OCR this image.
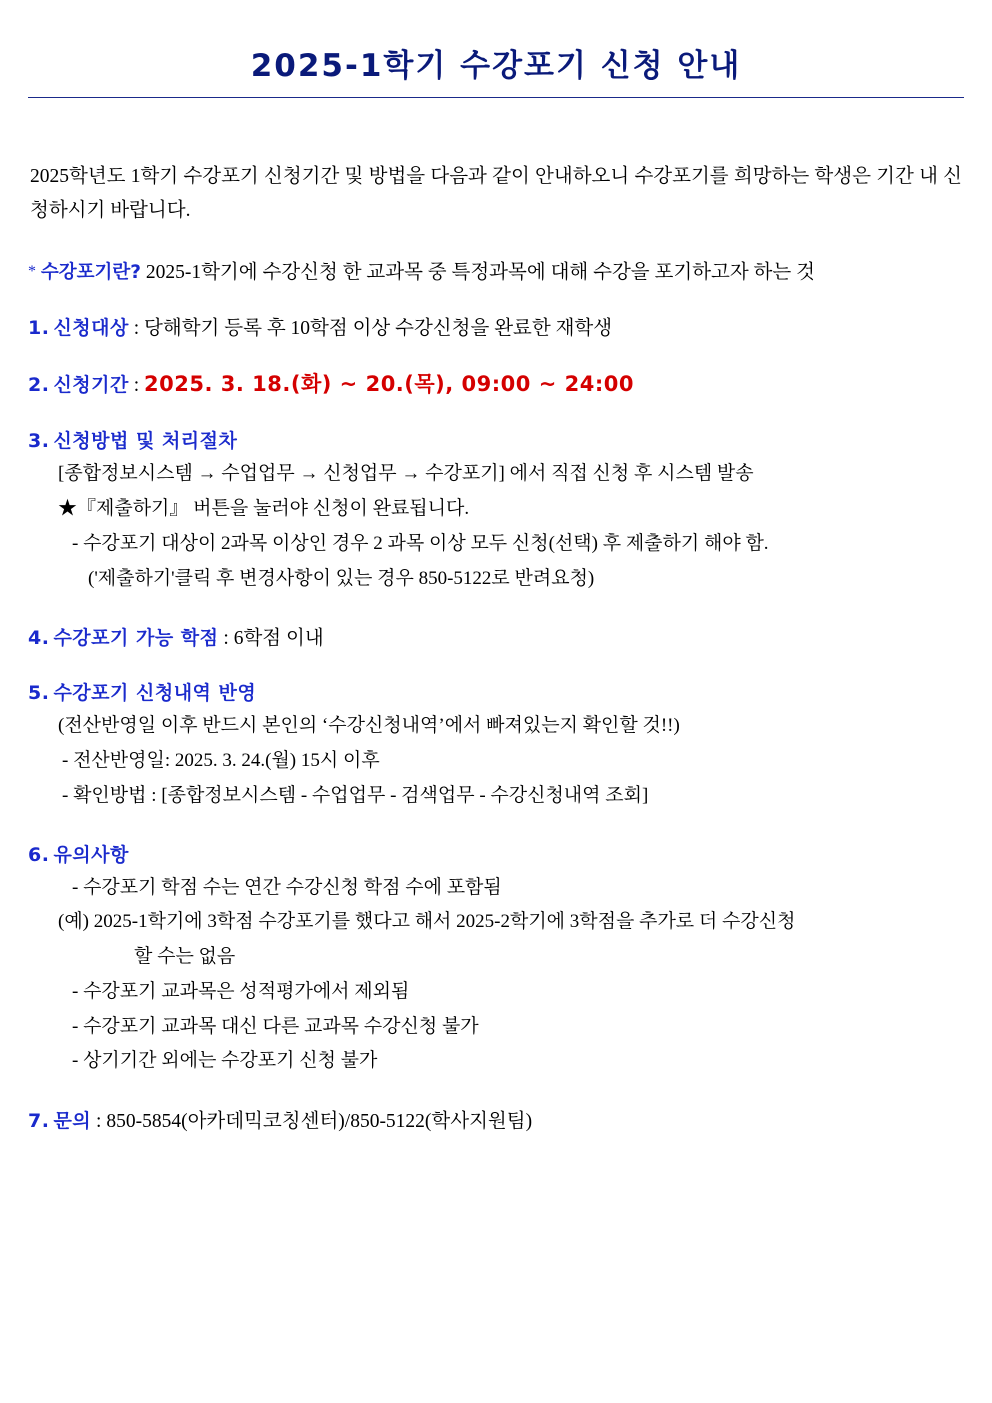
2025-1학기 수강포기 신청 안내

2025학년도 1학기 수강포기 신청기간 및 방법을 다음과 같이 안내하오니 수강포기를 희망하는 학생은 기간 내 신청하시기 바랍니다.

* 수강포기란? 2025-1학기에 수강신청 한 교과목 중 특정과목에 대해 수강을 포기하고자 하는 것
1. 신청대상 : 당해학기 등록 후 10학점 이상 수강신청을 완료한 재학생
2. 신청기간 : 2025. 3. 18.(화) ~ 20.(목), 09:00 ~ 24:00
3. 신청방법 및 처리절차
[종합정보시스템 → 수업업무 → 신청업무 → 수강포기] 에서 직접 신청 후 시스템 발송
★『제출하기』 버튼을 눌러야 신청이 완료됩니다.
- 수강포기 대상이 2과목 이상인 경우 2 과목 이상 모두 신청(선택) 후 제출하기 해야 함.
('제출하기'클릭 후 변경사항이 있는 경우 850-5122로 반려요청)
4. 수강포기 가능 학점 : 6학점 이내
5. 수강포기 신청내역 반영
(전산반영일 이후 반드시 본인의 ‘수강신청내역’에서 빠져있는지 확인할 것!!)
- 전산반영일: 2025. 3. 24.(월) 15시 이후
- 확인방법 : [종합정보시스템 - 수업업무 - 검색업무 - 수강신청내역 조회]
6. 유의사항
- 수강포기 학점 수는 연간 수강신청 학점 수에 포함됨
(예) 2025-1학기에 3학점 수강포기를 했다고 해서 2025-2학기에 3학점을 추가로 더 수강신청
할 수는 없음
- 수강포기 교과목은 성적평가에서 제외됨
- 수강포기 교과목 대신 다른 교과목 수강신청 불가
- 상기기간 외에는 수강포기 신청 불가
7. 문의 : 850-5854(아카데믹코칭센터)/850-5122(학사지원팀)
